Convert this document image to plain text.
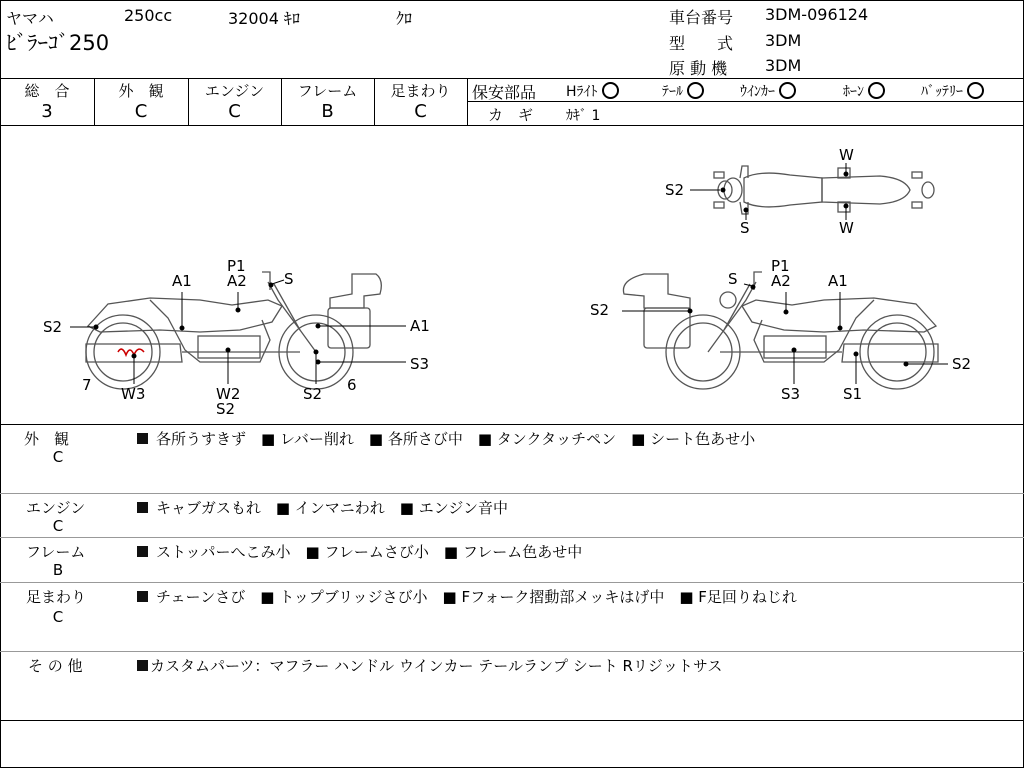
ヤマハ	250cc	32004 ｷﾛ	ｸﾛ
ﾋﾞﾗｰｺﾞ250
車台番号 3DM-096124
型　　式 3DM
原 動 機 3DM
総　合
3
外　観
C
エンジン
C
フレーム
B
足まわり
C
保安部品 Hﾗｲﾄ	ﾃｰﾙ	ｳｲﾝｶｰ	ﾎｰﾝ	ﾊﾞｯﾃﾘｰ
カ　ギ ｶｷﾞ 1
S2
W
S	W
P1
A2 S
A1
S2	A1
S3
7 W3	W2
S2
S2 6
S
P1
A2 A1
S2
S2
S3	S1
外　観
C
各所うすきず　■ レバー削れ　■ 各所さび中　■ タンクタッチペン　■ シート色あせ小
エンジン
C
キャブガスもれ　■ インマニわれ　■ エンジン音中
フレーム
B
ストッパーへこみ小　■ フレームさび小　■ フレーム色あせ中
足まわり
C
チェーンさび　■ トップブリッジさび小　■ Fフォーク摺動部メッキはげ中　■ F足回りねじれ
そ の 他	カスタムパーツ：マフラー ハンドル ウインカー テールランプ シート Rリジットサス
